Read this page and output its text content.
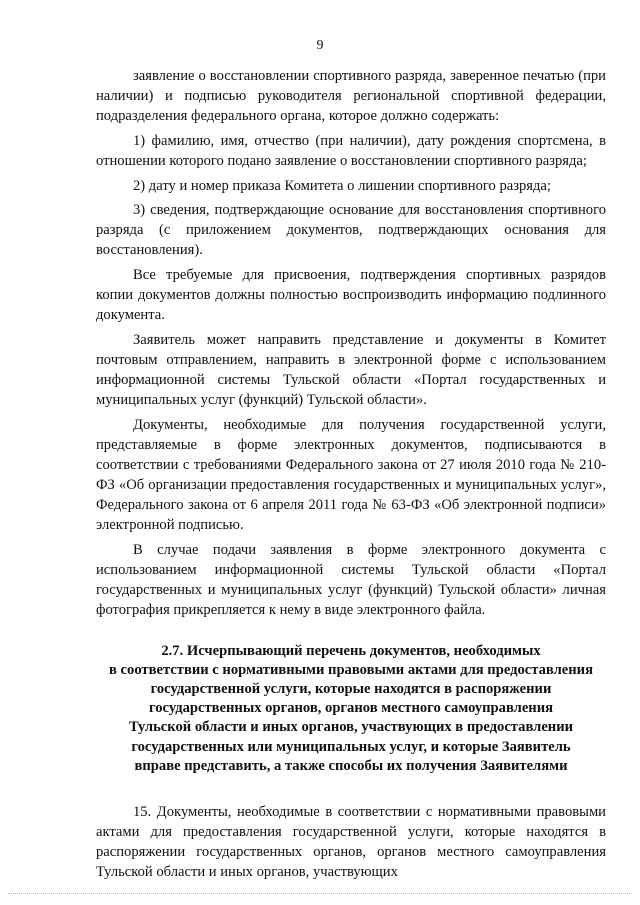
9

заявление о восстановлении спортивного разряда, заверенное печатью (при наличии) и подписью руководителя региональной спортивной федерации, подразделения федерального органа, которое должно содержать:

1) фамилию, имя, отчество (при наличии), дату рождения спортсмена, в отношении которого подано заявление о восстановлении спортивного разряда;

2) дату и номер приказа Комитета о лишении спортивного разряда;

3) сведения, подтверждающие основание для восстановления спортивного разряда (с приложением документов, подтверждающих основания для восстановления).

Все требуемые для присвоения, подтверждения спортивных разрядов копии документов должны полностью воспроизводить информацию подлинного документа.

Заявитель может направить представление и документы в Комитет почтовым отправлением, направить в электронной форме с использованием информационной системы Тульской области «Портал государственных и муниципальных услуг (функций) Тульской области».

Документы, необходимые для получения государственной услуги, представляемые в форме электронных документов, подписываются в соответствии с требованиями Федерального закона от 27 июля 2010 года № 210-ФЗ «Об организации предоставления государственных и муниципальных услуг», Федерального закона от 6 апреля 2011 года № 63-ФЗ «Об электронной подписи» электронной подписью.

В случае подачи заявления в форме электронного документа с использованием информационной системы Тульской области «Портал государственных и муниципальных услуг (функций) Тульской области» личная фотография прикрепляется к нему в виде электронного файла.

2.7. Исчерпывающий перечень документов, необходимых
в соответствии с нормативными правовыми актами для предоставления
государственной услуги, которые находятся в распоряжении
государственных органов, органов местного самоуправления
Тульской области и иных органов, участвующих в предоставлении
государственных или муниципальных услуг, и которые Заявитель
вправе представить, а также способы их получения Заявителями

15. Документы, необходимые в соответствии с нормативными правовыми актами для предоставления государственной услуги, которые находятся в распоряжении государственных органов, органов местного самоуправления Тульской области и иных органов, участвующих
